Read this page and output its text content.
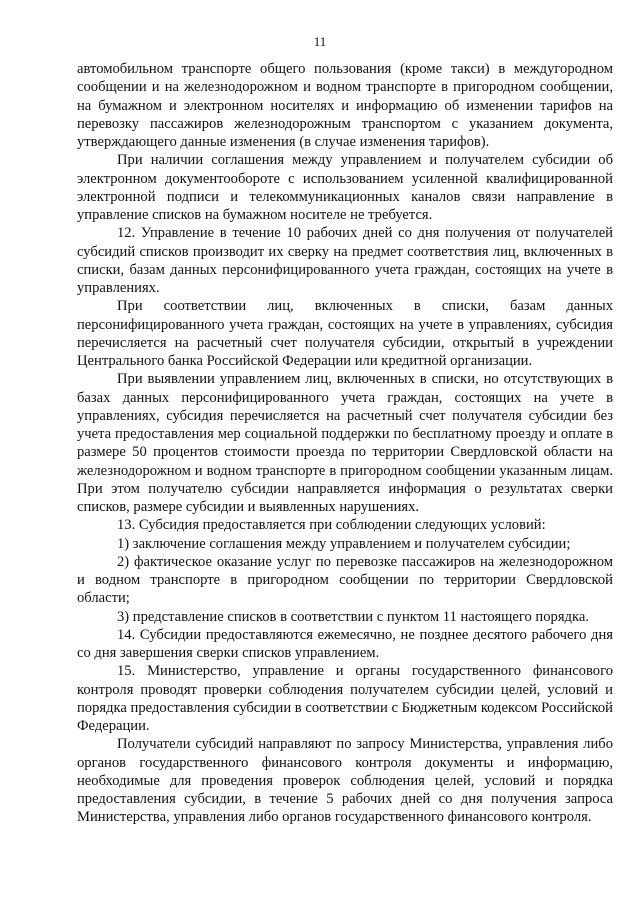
11

автомобильном транспорте общего пользования (кроме такси) в междугородном сообщении и на железнодорожном и водном транспорте в пригородном сообщении, на бумажном и электронном носителях и информацию об изменении тарифов на перевозку пассажиров железнодорожным транспортом с указанием документа, утверждающего данные изменения (в случае изменения тарифов).

При наличии соглашения между управлением и получателем субсидии об электронном документообороте с использованием усиленной квалифицированной электронной подписи и телекоммуникационных каналов связи направление в управление списков на бумажном носителе не требуется.

12. Управление в течение 10 рабочих дней со дня получения от получателей субсидий списков производит их сверку на предмет соответствия лиц, включенных в списки, базам данных персонифицированного учета граждан, состоящих на учете в управлениях.

При соответствии лиц, включенных в списки, базам данных персонифицированного учета граждан, состоящих на учете в управлениях, субсидия перечисляется на расчетный счет получателя субсидии, открытый в учреждении Центрального банка Российской Федерации или кредитной организации.

При выявлении управлением лиц, включенных в списки, но отсутствующих в базах данных персонифицированного учета граждан, состоящих на учете в управлениях, субсидия перечисляется на расчетный счет получателя субсидии без учета предоставления мер социальной поддержки по бесплатному проезду и оплате в размере 50 процентов стоимости проезда по территории Свердловской области на железнодорожном и водном транспорте в пригородном сообщении указанным лицам. При этом получателю субсидии направляется информация о результатах сверки списков, размере субсидии и выявленных нарушениях.

13. Субсидия предоставляется при соблюдении следующих условий:

1) заключение соглашения между управлением и получателем субсидии;

2) фактическое оказание услуг по перевозке пассажиров на железнодорожном и водном транспорте в пригородном сообщении по территории Свердловской области;

3) представление списков в соответствии с пунктом 11 настоящего порядка.

14. Субсидии предоставляются ежемесячно, не позднее десятого рабочего дня со дня завершения сверки списков управлением.

15. Министерство, управление и органы государственного финансового контроля проводят проверки соблюдения получателем субсидии целей, условий и порядка предоставления субсидии в соответствии с Бюджетным кодексом Российской Федерации.

Получатели субсидий направляют по запросу Министерства, управления либо органов государственного финансового контроля документы и информацию, необходимые для проведения проверок соблюдения целей, условий и порядка предоставления субсидии, в течение 5 рабочих дней со дня получения запроса Министерства, управления либо органов государственного финансового контроля.
